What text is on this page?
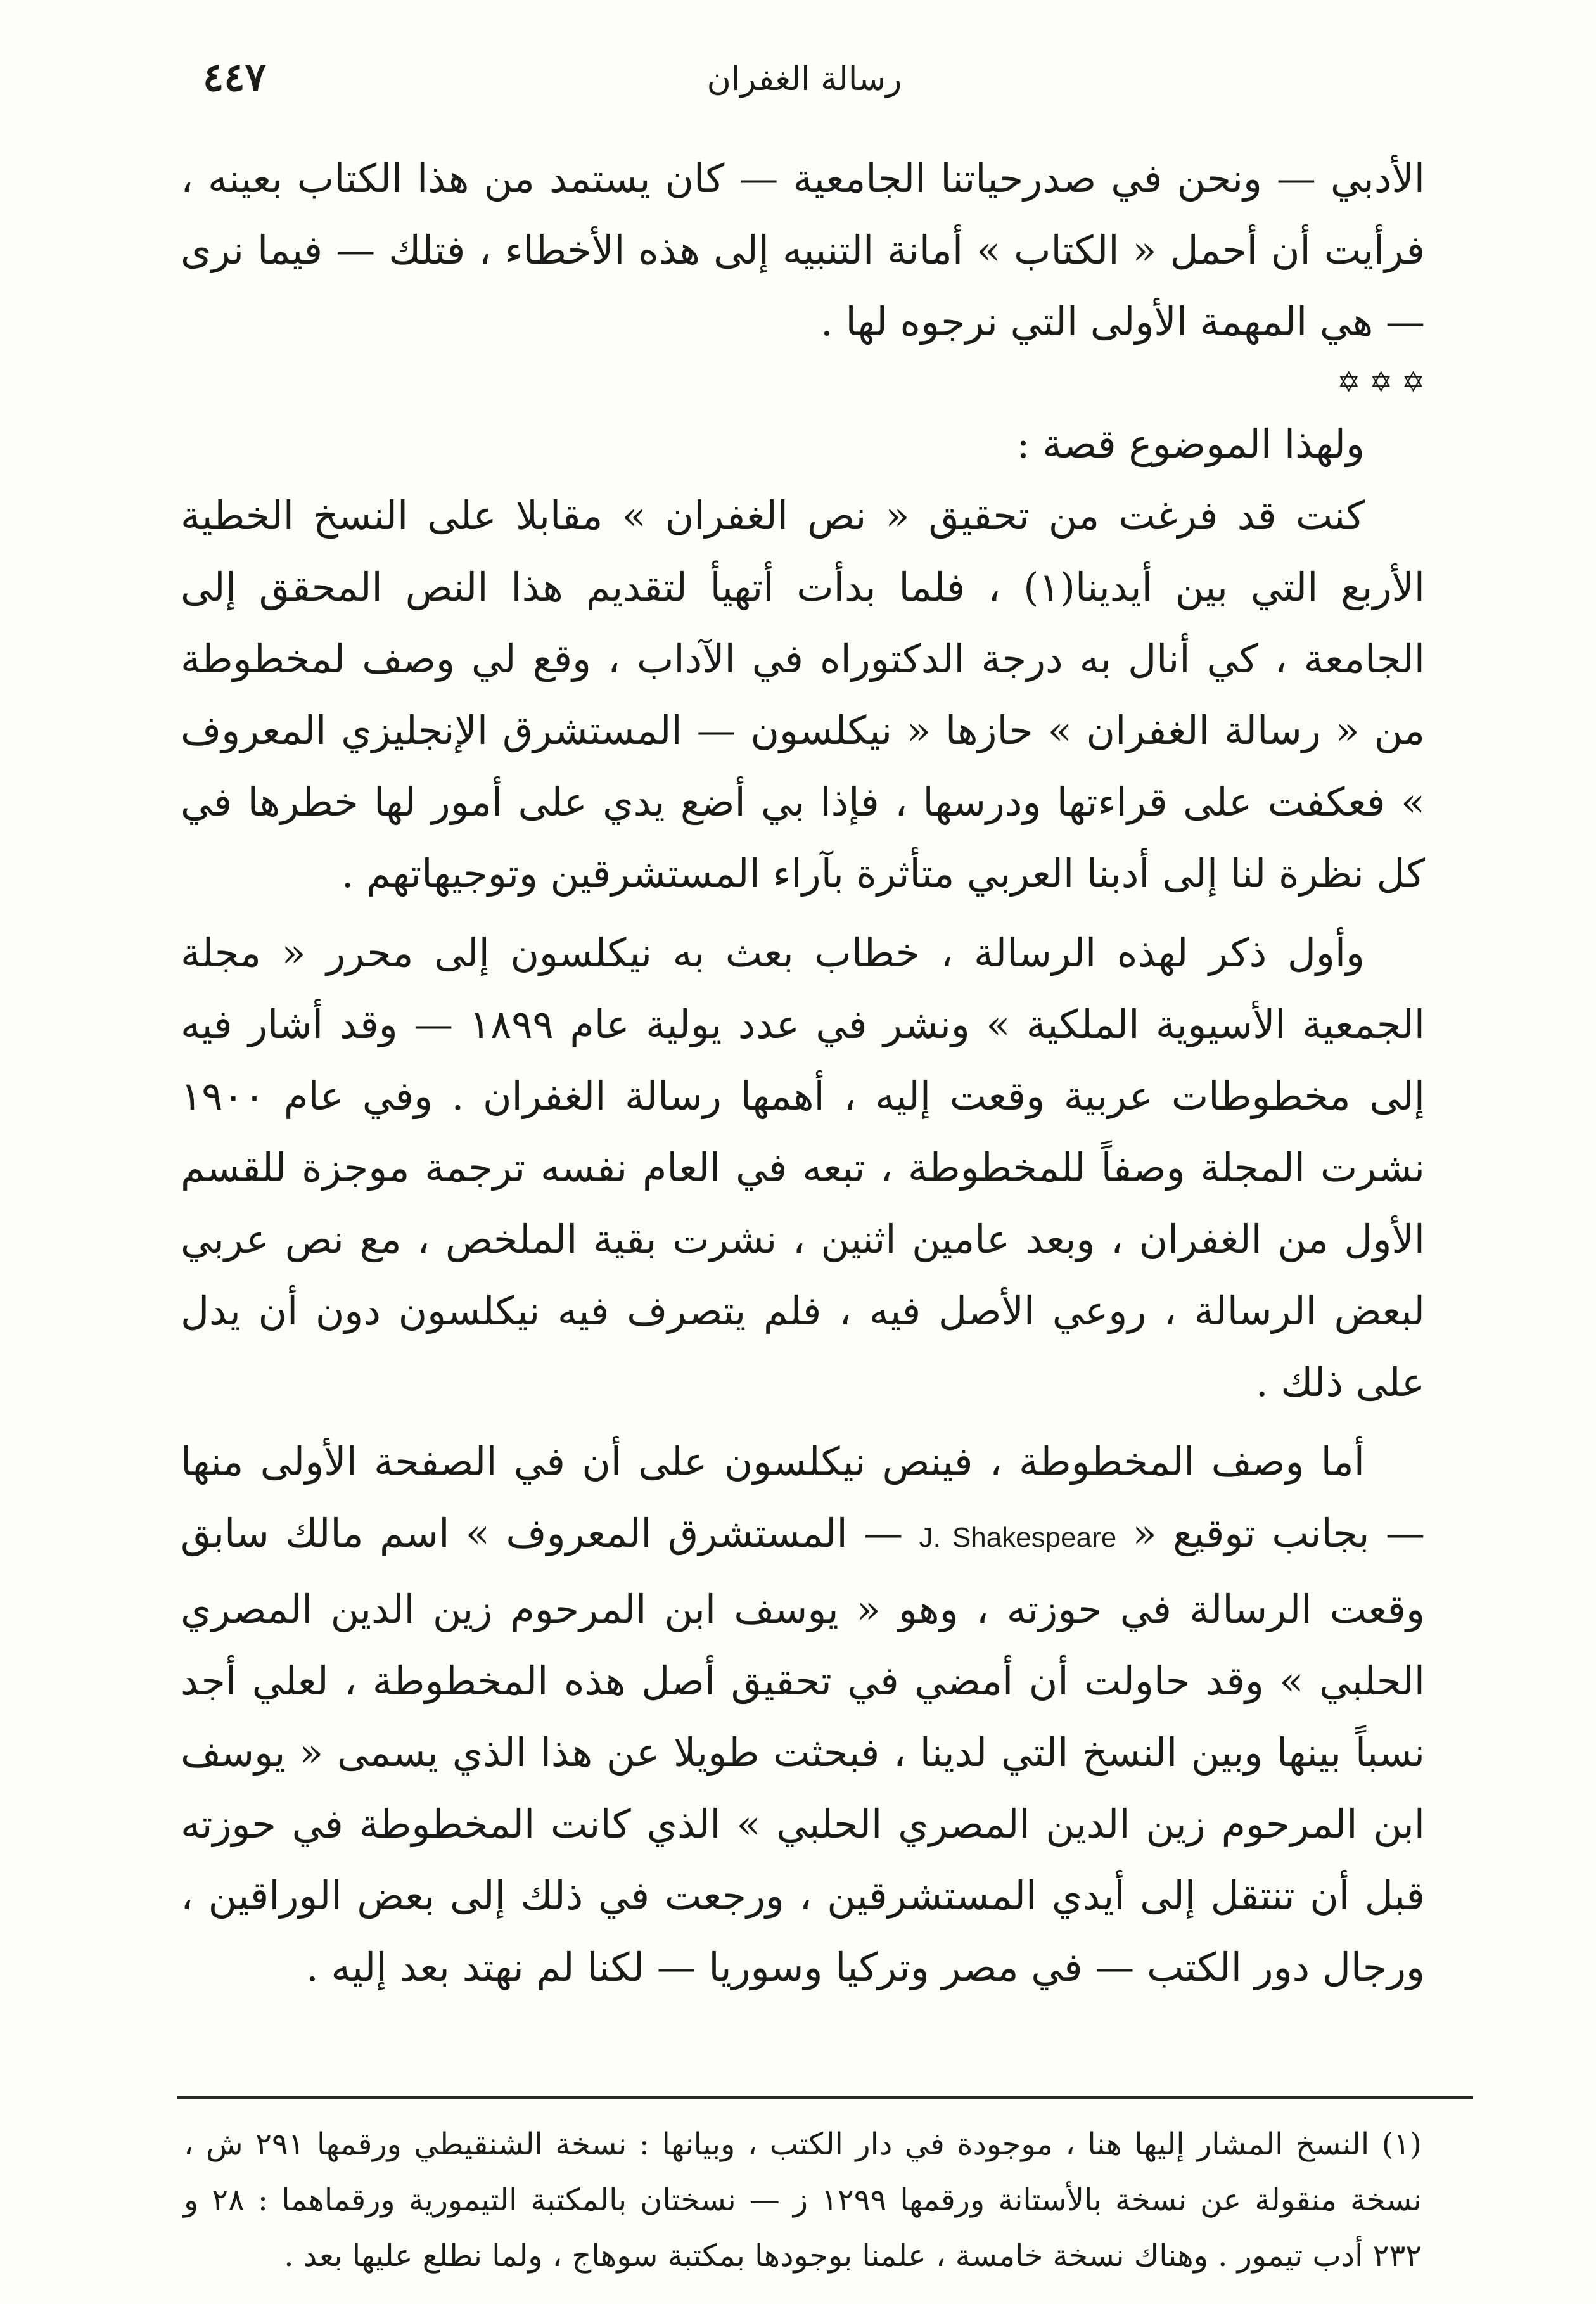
رسالة الغفران
٤٤٧

الأدبي — ونحن في صدرحياتنا الجامعية — كان يستمد من هذا الكتاب بعينه ، فرأيت أن أحمل « الكتاب » أمانة التنبيه إلى هذه الأخطاء ، فتلك — فيما نرى — هي المهمة الأولى التي نرجوه لها .

✡ ✡ ✡

ولهذا الموضوع قصة :

كنت قد فرغت من تحقيق « نص الغفران » مقابلا على النسخ الخطية الأربع التي بين أيدينا(١) ، فلما بدأت أتهيأ لتقديم هذا النص المحقق إلى الجامعة ، كي أنال به درجة الدكتوراه في الآداب ، وقع لي وصف لمخطوطة من « رسالة الغفران » حازها « نيكلسون — المستشرق الإنجليزي المعروف » فعكفت على قراءتها ودرسها ، فإذا بي أضع يدي على أمور لها خطرها في كل نظرة لنا إلى أدبنا العربي متأثرة بآراء المستشرقين وتوجيهاتهم .

وأول ذكر لهذه الرسالة ، خطاب بعث به نيكلسون إلى محرر « مجلة الجمعية الأسيوية الملكية » ونشر في عدد يولية عام ١٨٩٩ — وقد أشار فيه إلى مخطوطات عربية وقعت إليه ، أهمها رسالة الغفران . وفي عام ١٩٠٠ نشرت المجلة وصفاً للمخطوطة ، تبعه في العام نفسه ترجمة موجزة للقسم الأول من الغفران ، وبعد عامين اثنين ، نشرت بقية الملخص ، مع نص عربي لبعض الرسالة ، روعي الأصل فيه ، فلم يتصرف فيه نيكلسون دون أن يدل على ذلك .

أما وصف المخطوطة ، فينص نيكلسون على أن في الصفحة الأولى منها — بجانب توقيع « J. Shakespeare — المستشرق المعروف » اسم مالك سابق وقعت الرسالة في حوزته ، وهو « يوسف ابن المرحوم زين الدين المصري الحلبي » وقد حاولت أن أمضي في تحقيق أصل هذه المخطوطة ، لعلي أجد نسباً بينها وبين النسخ التي لدينا ، فبحثت طويلا عن هذا الذي يسمى « يوسف ابن المرحوم زين الدين المصري الحلبي » الذي كانت المخطوطة في حوزته قبل أن تنتقل إلى أيدي المستشرقين ، ورجعت في ذلك إلى بعض الوراقين ، ورجال دور الكتب — في مصر وتركيا وسوريا — لكنا لم نهتد بعد إليه .

(١) النسخ المشار إليها هنا ، موجودة في دار الكتب ، وبيانها : نسخة الشنقيطي ورقمها ٢٩١ ش ، نسخة منقولة عن نسخة بالأستانة ورقمها ١٢٩٩ ز — نسختان بالمكتبة التيمورية ورقماهما : ٢٨ و ٢٣٢ أدب تيمور . وهناك نسخة خامسة ، علمنا بوجودها بمكتبة سوهاج ، ولما نطلع عليها بعد .
